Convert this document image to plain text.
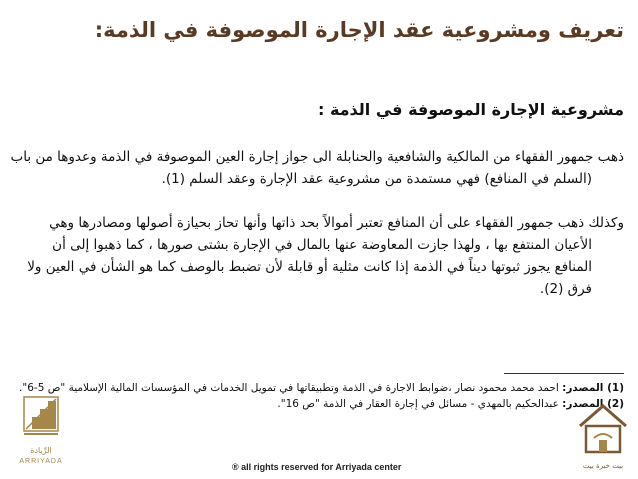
تعريف ومشروعية عقد الإجارة الموصوفة في الذمة:
مشروعية الإجارة الموصوفة في الذمة :
ذهب جمهور الفقهاء من المالكية والشافعية والحنابلة الى جواز إجارة العين الموصوفة في الذمة وعدوها من باب
(السلم في المنافع) فهي مستمدة من مشروعية عقد الإجارة وعقد السلم (1).
وكذلك ذهب جمهور الفقهاء على أن المنافع تعتبر أموالاً بحد ذاتها وأنها تحاز بحيازة أصولها ومصادرها وهي
الأعيان المنتفع بها ، ولهذا جازت المعاوضة عنها بالمال في الإجارة بشتى صورها ، كما ذهبوا إلى أن
المنافع يجوز ثبوتها ديناً في الذمة إذا كانت مثلية أو قابلة لأن تضبط بالوصف كما هو الشأن في العين ولا
فرق (2).
(1) المصدر: احمد محمد محمود نصار ،ضوابط الاجارة في الذمة وتطبيقاتها في تمويل الخدمات في المؤسسات المالية الإسلامية "ص 5-6".
(2) المصدر: عبدالحكيم بالمهدي - مسائل في إجارة العقار في الذمة "ص 16".
® all rights reserved for Arriyada center	بيت خبرة بيت
الرِّيادة
ARRIYADA
